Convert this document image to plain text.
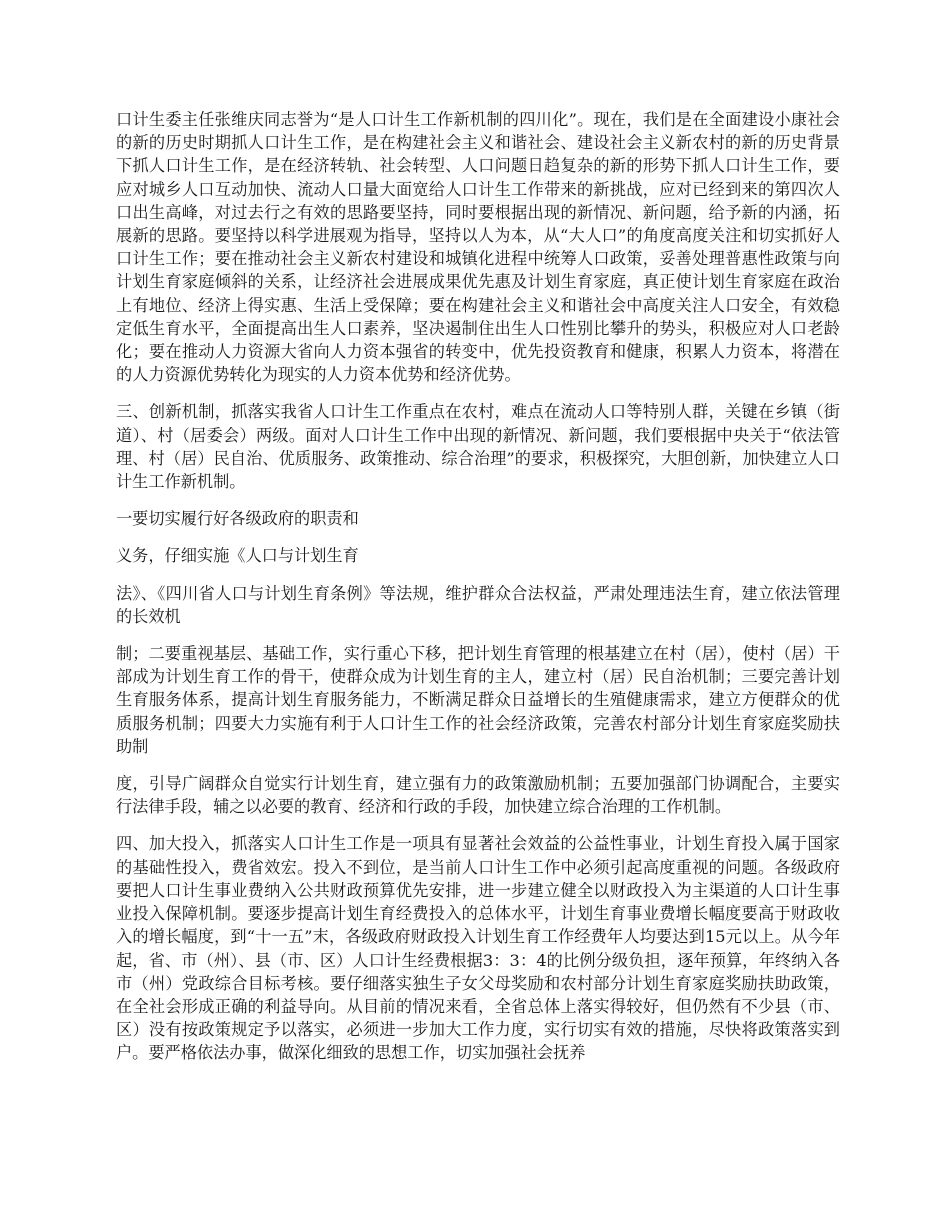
口计生委主任张维庆同志誉为“是人口计生工作新机制的四川化”。现在，我们是在全面建设小康社会的新的历史时期抓人口计生工作，是在构建社会主义和谐社会、建设社会主义新农村的新的历史背景下抓人口计生工作，是在经济转轨、社会转型、人口问题日趋复杂的新的形势下抓人口计生工作，要应对城乡人口互动加快、流动人口量大面宽给人口计生工作带来的新挑战，应对已经到来的第四次人口出生高峰，对过去行之有效的思路要坚持，同时要根据出现的新情况、新问题，给予新的内涵，拓展新的思路。要坚持以科学进展观为指导，坚持以人为本，从“大人口”的角度高度关注和切实抓好人口计生工作；要在推动社会主义新农村建设和城镇化进程中统筹人口政策，妥善处理普惠性政策与向计划生育家庭倾斜的关系，让经济社会进展成果优先惠及计划生育家庭，真正使计划生育家庭在政治上有地位、经济上得实惠、生活上受保障；要在构建社会主义和谐社会中高度关注人口安全，有效稳定低生育水平，全面提高出生人口素养，坚决遏制住出生人口性别比攀升的势头，积极应对人口老龄化；要在推动人力资源大省向人力资本强省的转变中，优先投资教育和健康，积累人力资本，将潜在的人力资源优势转化为现实的人力资本优势和经济优势。

三、创新机制，抓落实我省人口计生工作重点在农村，难点在流动人口等特别人群，关键在乡镇（街道）、村（居委会）两级。面对人口计生工作中出现的新情况、新问题，我们要根据中央关于“依法管理、村（居）民自治、优质服务、政策推动、综合治理”的要求，积极探究，大胆创新，加快建立人口计生工作新机制。

一要切实履行好各级政府的职责和

义务，仔细实施《人口与计划生育

法》、《四川省人口与计划生育条例》等法规，维护群众合法权益，严肃处理违法生育，建立依法管理的长效机

制；二要重视基层、基础工作，实行重心下移，把计划生育管理的根基建立在村（居），使村（居）干部成为计划生育工作的骨干，使群众成为计划生育的主人，建立村（居）民自治机制；三要完善计划生育服务体系，提高计划生育服务能力，不断满足群众日益增长的生殖健康需求，建立方便群众的优质服务机制；四要大力实施有利于人口计生工作的社会经济政策，完善农村部分计划生育家庭奖励扶助制

度，引导广阔群众自觉实行计划生育，建立强有力的政策激励机制；五要加强部门协调配合，主要实行法律手段，辅之以必要的教育、经济和行政的手段，加快建立综合治理的工作机制。

四、加大投入，抓落实人口计生工作是一项具有显著社会效益的公益性事业，计划生育投入属于国家的基础性投入，费省效宏。投入不到位，是当前人口计生工作中必须引起高度重视的问题。各级政府要把人口计生事业费纳入公共财政预算优先安排，进一步建立健全以财政投入为主渠道的人口计生事业投入保障机制。要逐步提高计划生育经费投入的总体水平，计划生育事业费增长幅度要高于财政收入的增长幅度，到“十一五”末，各级政府财政投入计划生育工作经费年人均要达到15元以上。从今年起，省、市（州）、县（市、区）人口计生经费根据3：3：4的比例分级负担，逐年预算，年终纳入各市（州）党政综合目标考核。要仔细落实独生子女父母奖励和农村部分计划生育家庭奖励扶助政策，在全社会形成正确的利益导向。从目前的情况来看，全省总体上落实得较好，但仍然有不少县（市、区）没有按政策规定予以落实，必须进一步加大工作力度，实行切实有效的措施，尽快将政策落实到户。要严格依法办事，做深化细致的思想工作，切实加强社会抚养
